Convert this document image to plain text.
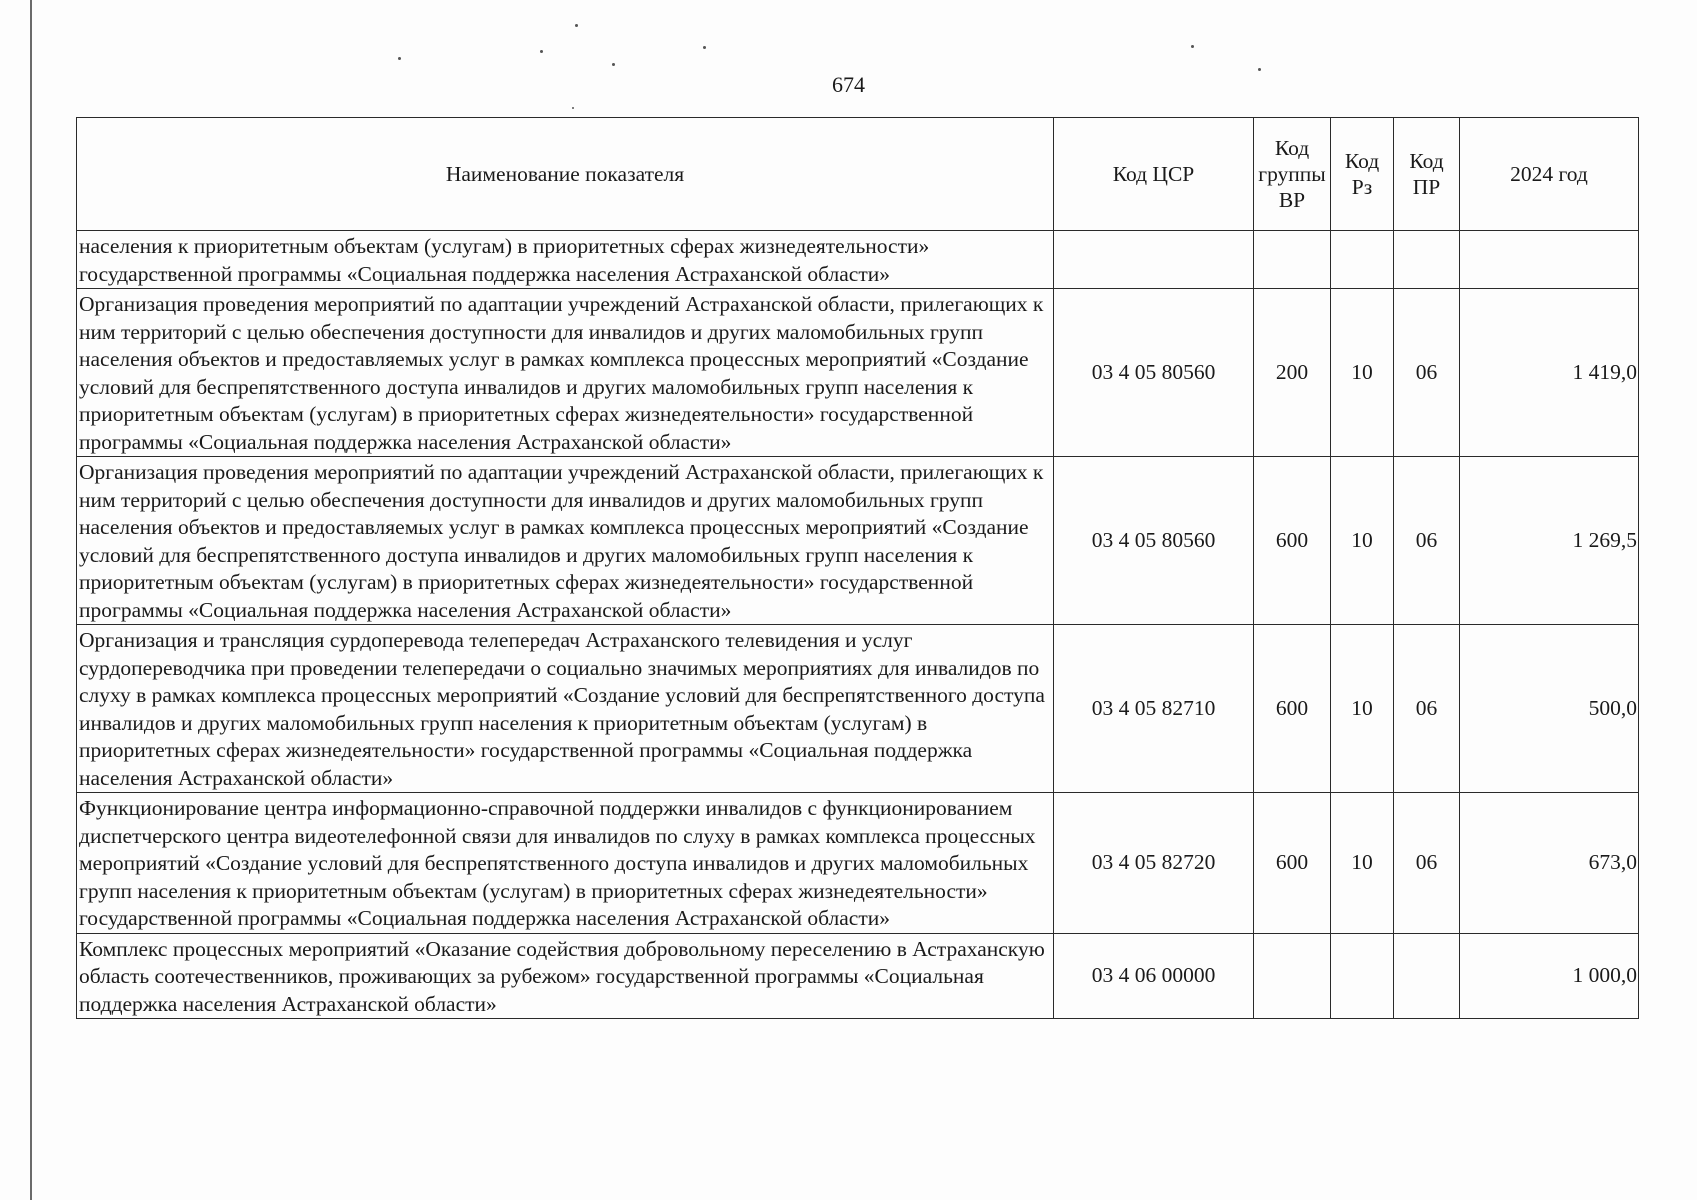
674
Наименование показателя	Код ЦСР	Код группы ВР	Код Рз	Код ПР	2024 год
населения к приоритетным объектам (услугам) в приоритетных сферах жизнедеятельности» государственной программы «Социальная поддержка населения Астраханской области»					
Организация проведения мероприятий по адаптации учреждений Астраханской области, прилегающих к ним территорий с целью обеспечения доступности для инвалидов и других маломобильных групп населения объектов и предоставляемых услуг в рамках комплекса процессных мероприятий «Создание условий для беспрепятственного доступа инвалидов и других маломобильных групп населения к приоритетным объектам (услугам) в приоритетных сферах жизнедеятельности» государственной программы «Социальная поддержка населения Астраханской области»	03 4 05 80560	200	10	06	1 419,0
Организация проведения мероприятий по адаптации учреждений Астраханской области, прилегающих к ним территорий с целью обеспечения доступности для инвалидов и других маломобильных групп населения объектов и предоставляемых услуг в рамках комплекса процессных мероприятий «Создание условий для беспрепятственного доступа инвалидов и других маломобильных групп населения к приоритетным объектам (услугам) в приоритетных сферах жизнедеятельности» государственной программы «Социальная поддержка населения Астраханской области»	03 4 05 80560	600	10	06	1 269,5
Организация и трансляция сурдоперевода телепередач Астраханского телевидения и услуг сурдопереводчика при проведении телепередачи о социально значимых мероприятиях для инвалидов по слуху в рамках комплекса процессных мероприятий «Создание условий для беспрепятственного доступа инвалидов и других маломобильных групп населения к приоритетным объектам (услугам) в приоритетных сферах жизнедеятельности» государственной программы «Социальная поддержка населения Астраханской области»	03 4 05 82710	600	10	06	500,0
Функционирование центра информационно-справочной поддержки инвалидов с функционированием диспетчерского центра видеотелефонной связи для инвалидов по слуху в рамках комплекса процессных мероприятий «Создание условий для беспрепятственного доступа инвалидов и других маломобильных групп населения к приоритетным объектам (услугам) в приоритетных сферах жизнедеятельности» государственной программы «Социальная поддержка населения Астраханской области»	03 4 05 82720	600	10	06	673,0
Комплекс процессных мероприятий «Оказание содействия добровольному переселению в Астраханскую область соотечественников, проживающих за рубежом» государственной программы «Социальная поддержка населения Астраханской области»	03 4 06 00000				1 000,0
